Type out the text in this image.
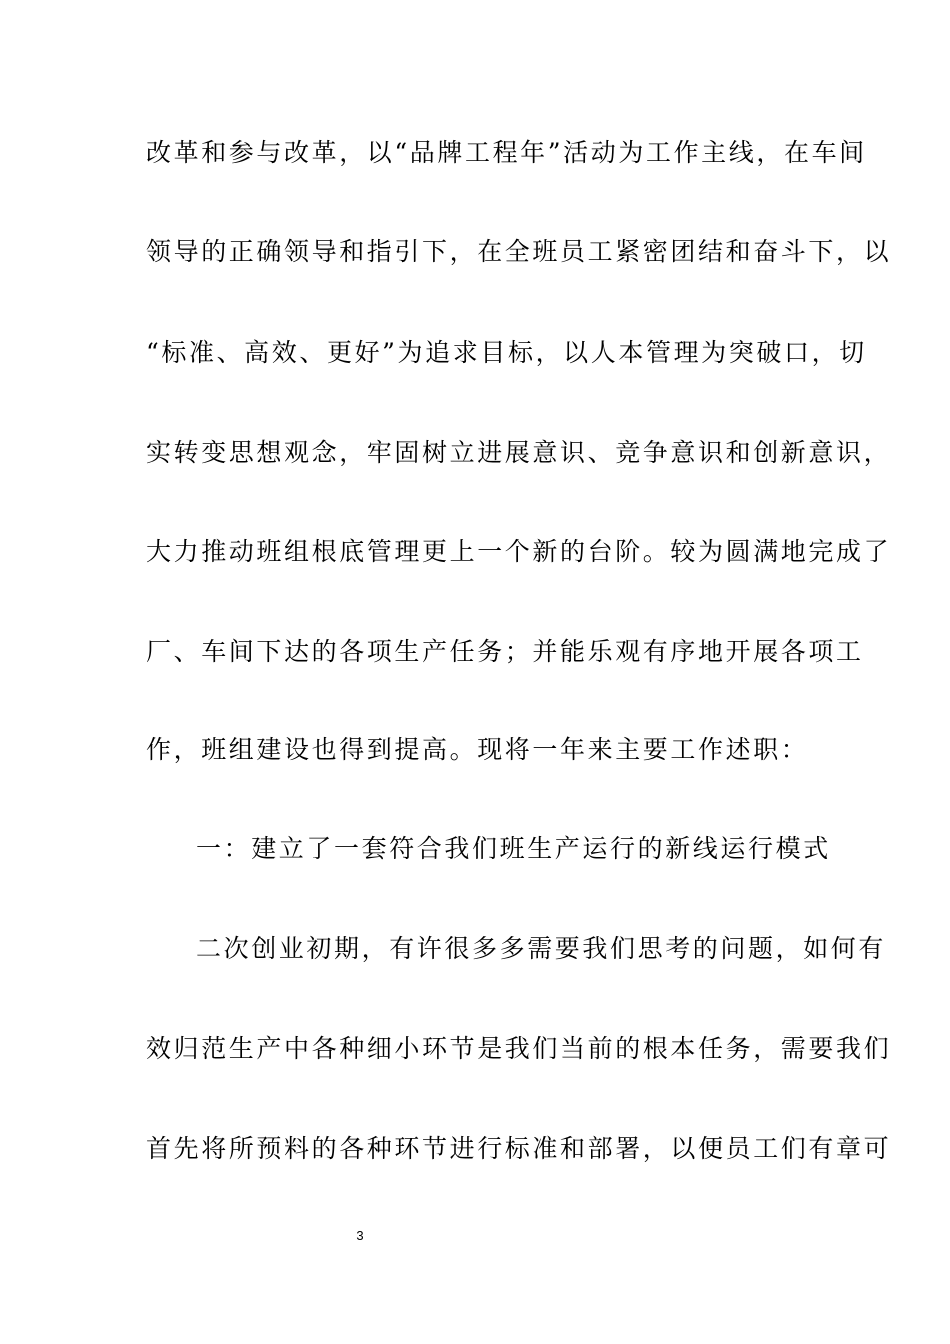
改革和参与改革，以“品牌工程年”活动为工作主线，在车间

领导的正确领导和指引下，在全班员工紧密团结和奋斗下，以

“标准、高效、更好”为追求目标，以人本管理为突破口，切

实转变思想观念，牢固树立进展意识、竞争意识和创新意识，

大力推动班组根底管理更上一个新的台阶。较为圆满地完成了

厂、车间下达的各项生产任务；并能乐观有序地开展各项工

作，班组建设也得到提高。现将一年来主要工作述职：

一：建立了一套符合我们班生产运行的新线运行模式

二次创业初期，有许很多多需要我们思考的问题，如何有

效归范生产中各种细小环节是我们当前的根本任务，需要我们

首先将所预料的各种环节进行标准和部署，以便员工们有章可

3
